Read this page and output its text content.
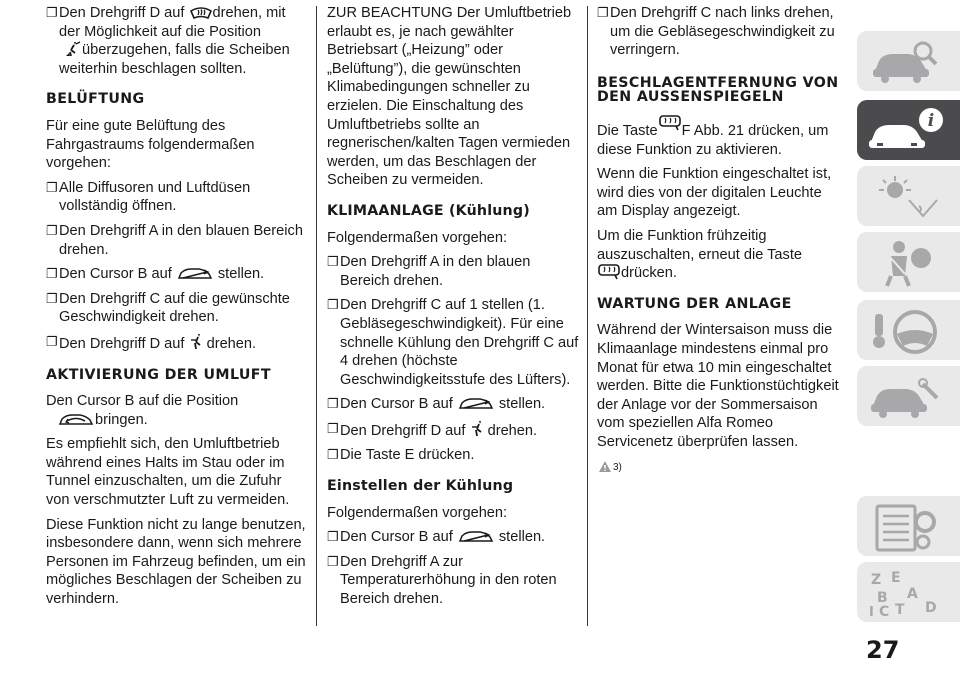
❐ Den Drehgriff D auf drehen, mit der Möglichkeit auf die Position

überzugehen, falls die Scheiben weiterhin beschlagen sollten.
BELÜFTUNG

Für eine gute Belüftung des Fahrgastraums folgendermaßen vorgehen:

❐ Alle Diffusoren und Luftdüsen vollständig öffnen.
❐ Den Drehgriff A in den blauen Bereich drehen.
❐ Den Cursor B auf	stellen.
❐ Den Drehgriff C auf die gewünschte Geschwindigkeit drehen.
❐ Den Drehgriff D auf drehen.
AKTIVIERUNG DER UMLUFT

Den Cursor B auf die Position

bringen.

Es empfiehlt sich, den Umluftbetrieb während eines Halts im Stau oder im Tunnel einzuschalten, um die Zufuhr von verschmutzter Luft zu vermeiden.

Diese Funktion nicht zu lange benutzen, insbesondere dann, wenn sich mehrere Personen im Fahrzeug befinden, um ein mögliches Beschlagen der Scheiben zu verhindern.

ZUR BEACHTUNG Der Umluftbetrieb erlaubt es, je nach gewählter Betriebsart („Heizung” oder „Belüftung”), die gewünschten Klimabedingungen schneller zu erzielen. Die Einschaltung des Umluftbetriebs sollte an regnerischen/kalten Tagen vermieden werden, um das Beschlagen der Scheiben zu vermeiden.

KLIMAANLAGE (Kühlung)

Folgendermaßen vorgehen:

❐ Den Drehgriff A in den blauen Bereich drehen.
❐ Den Drehgriff C auf 1 stellen (1. Gebläsegeschwindigkeit). Für eine schnelle Kühlung den Drehgriff C auf 4 drehen (höchste Geschwindigkeitsstufe des Lüfters).
❐ Den Cursor B auf	stellen.
❐ Den Drehgriff D auf drehen.
❐ Die Taste E drücken.
Einstellen der Kühlung

Folgendermaßen vorgehen:

❐ Den Cursor B auf	stellen.
❐ Den Drehgriff A zur Temperaturerhöhung in den roten Bereich drehen.
❐ Den Drehgriff C nach links drehen, um die Gebläsegeschwindigkeit zu verringern.
BESCHLAGENTFERNUNG VON DEN AUSSENSPIEGELN

Die Taste F Abb. 21 drücken, um diese Funktion zu aktivieren.

Wenn die Funktion eingeschaltet ist, wird dies von der digitalen Leuchte am Display angezeigt.

Um die Funktion frühzeitig auszuschalten, erneut die Taste

drücken.

WARTUNG DER ANLAGE

Während der Wintersaison muss die Klimaanlage mindestens einmal pro Monat für etwa 10 min eingeschaltet werden. Bitte die Funktionstüchtigkeit der Anlage vor der Sommersaison vom speziellen Alfa Romeo Servicenetz überprüfen lassen.

3)

i
Z E
B A
I C T D
27
